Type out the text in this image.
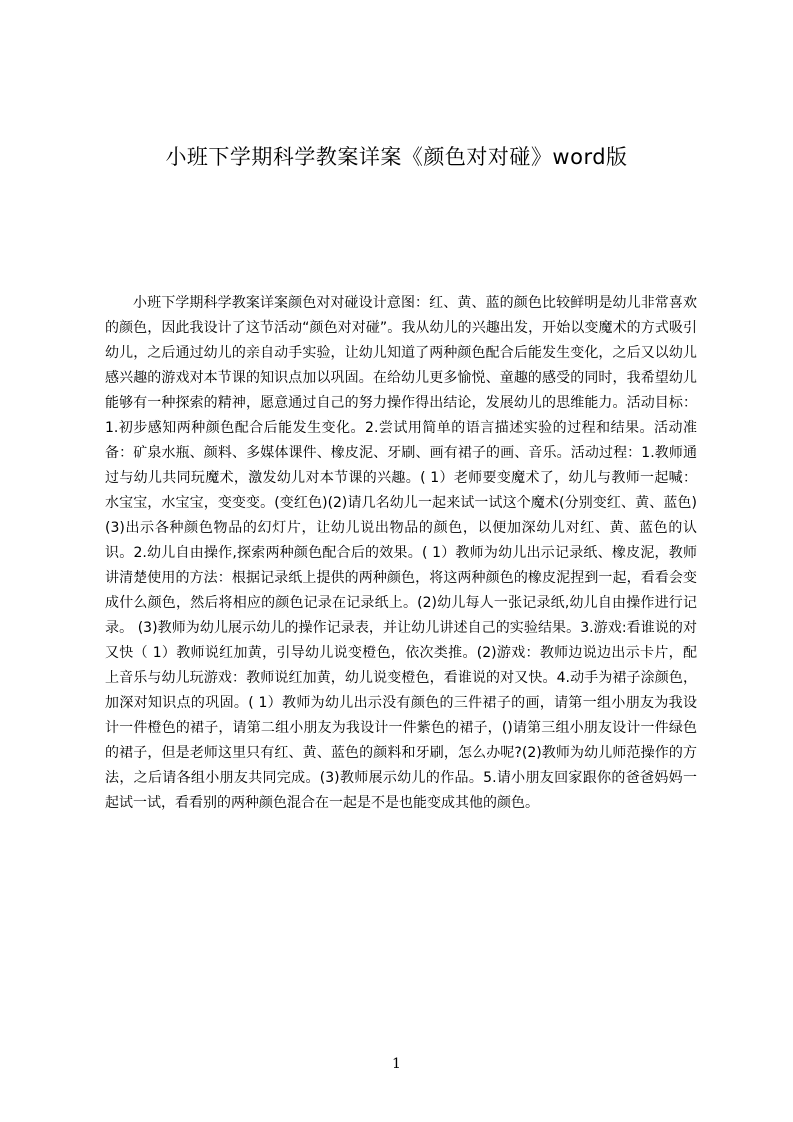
小班下学期科学教案详案《颜色对对碰》word版

小班下学期科学教案详案颜色对对碰设计意图：红、黄、蓝的颜色比较鲜明是幼儿非常喜欢的颜色，因此我设计了这节活动“颜色对对碰”。我从幼儿的兴趣出发，开始以变魔术的方式吸引幼儿，之后通过幼儿的亲自动手实验，让幼儿知道了两种颜色配合后能发生变化，之后又以幼儿感兴趣的游戏对本节课的知识点加以巩固。在给幼儿更多愉悦、童趣的感受的同时，我希望幼儿能够有一种探索的精神，愿意通过自己的努力操作得出结论，发展幼儿的思维能力。活动目标：1.初步感知两种颜色配合后能发生变化。2.尝试用简单的语言描述实验的过程和结果。活动准备：矿泉水瓶、颜料、多媒体课件、橡皮泥、牙刷、画有裙子的画、音乐。活动过程：1.教师通过与幼儿共同玩魔术，激发幼儿对本节课的兴趣。( 1）老师要变魔术了，幼儿与教师一起喊：水宝宝，水宝宝，变变变。(变红色)(2)请几名幼儿一起来试一试这个魔术(分别变红、黄、蓝色)(3)出示各种颜色物品的幻灯片，让幼儿说出物品的颜色，以便加深幼儿对红、黄、蓝色的认识。2.幼儿自由操作,探索两种颜色配合后的效果。( 1）教师为幼儿出示记录纸、橡皮泥，教师讲清楚使用的方法：根据记录纸上提供的两种颜色，将这两种颜色的橡皮泥捏到一起，看看会变成什么颜色，然后将相应的颜色记录在记录纸上。(2)幼儿每人一张记录纸,幼儿自由操作进行记录。 (3)教师为幼儿展示幼儿的操作记录表，并让幼儿讲述自己的实验结果。3.游戏:看谁说的对又快（ 1）教师说红加黄，引导幼儿说变橙色，依次类推。(2)游戏：教师边说边出示卡片，配上音乐与幼儿玩游戏：教师说红加黄，幼儿说变橙色，看谁说的对又快。4.动手为裙子涂颜色，加深对知识点的巩固。( 1）教师为幼儿出示没有颜色的三件裙子的画，请第一组小朋友为我设计一件橙色的裙子，请第二组小朋友为我设计一件紫色的裙子，()请第三组小朋友设计一件绿色的裙子，但是老师这里只有红、黄、蓝色的颜料和牙刷，怎么办呢?(2)教师为幼儿师范操作的方法，之后请各组小朋友共同完成。(3)教师展示幼儿的作品。5.请小朋友回家跟你的爸爸妈妈一起试一试，看看别的两种颜色混合在一起是不是也能变成其他的颜色。

1
